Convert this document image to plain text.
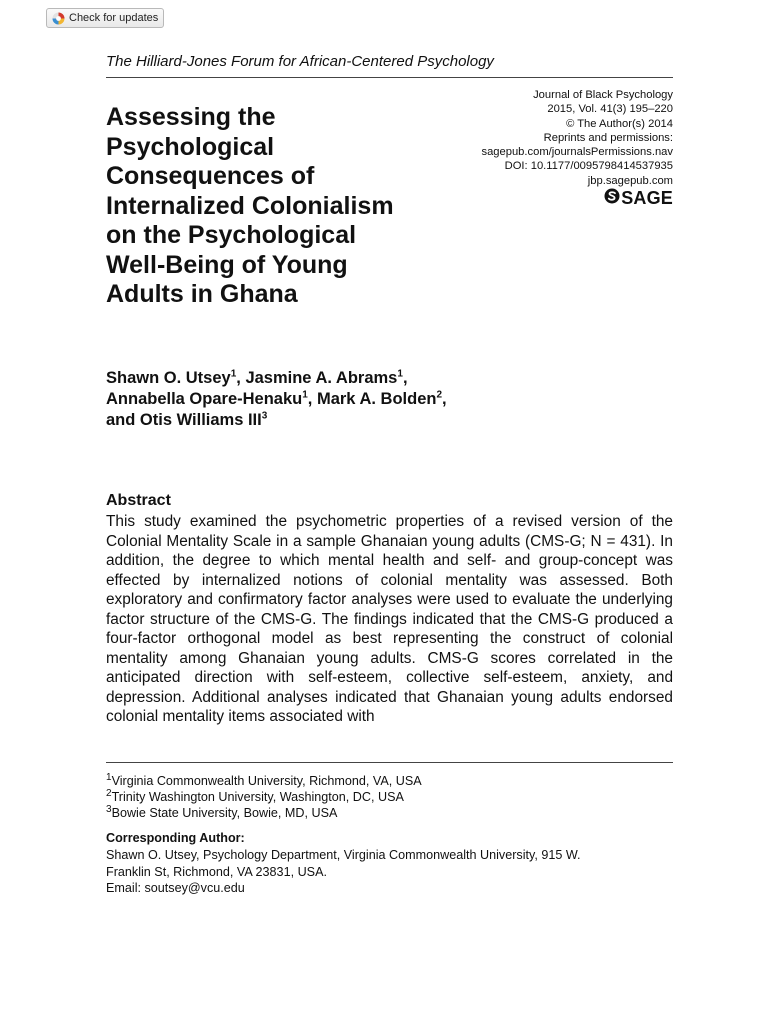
Check for updates
The Hilliard-Jones Forum for African-Centered Psychology
Assessing the
Psychological
Consequences of
Internalized Colonialism
on the Psychological
Well-Being of Young
Adults in Ghana
Journal of Black Psychology
2015, Vol. 41(3) 195–220
© The Author(s) 2014
Reprints and permissions:
sagepub.com/journalsPermissions.nav
DOI: 10.1177/0095798414537935
jbp.sagepub.com
SAGE
Shawn O. Utsey$^1$, Jasmine A. Abrams$^1$,
Annabella Opare-Henaku$^1$, Mark A. Bolden$^2$,
and Otis Williams III$^3$
Abstract
This study examined the psychometric properties of a revised version of the Colonial Mentality Scale in a sample Ghanaian young adults (CMS-G; N = 431). In addition, the degree to which mental health and self- and group-concept was effected by internalized notions of colonial mentality was assessed. Both exploratory and confirmatory factor analyses were used to evaluate the underlying factor structure of the CMS-G. The findings indicated that the CMS-G produced a four-factor orthogonal model as best representing the construct of colonial mentality among Ghanaian young adults. CMS-G scores correlated in the anticipated direction with self-esteem, collective self-esteem, anxiety, and depression. Additional analyses indicated that Ghanaian young adults endorsed colonial mentality items associated with
$^1$Virginia Commonwealth University, Richmond, VA, USA
$^2$Trinity Washington University, Washington, DC, USA
$^3$Bowie State University, Bowie, MD, USA
Corresponding Author:
Shawn O. Utsey, Psychology Department, Virginia Commonwealth University, 915 W.
Franklin St, Richmond, VA 23831, USA.
Email: soutsey@vcu.edu
